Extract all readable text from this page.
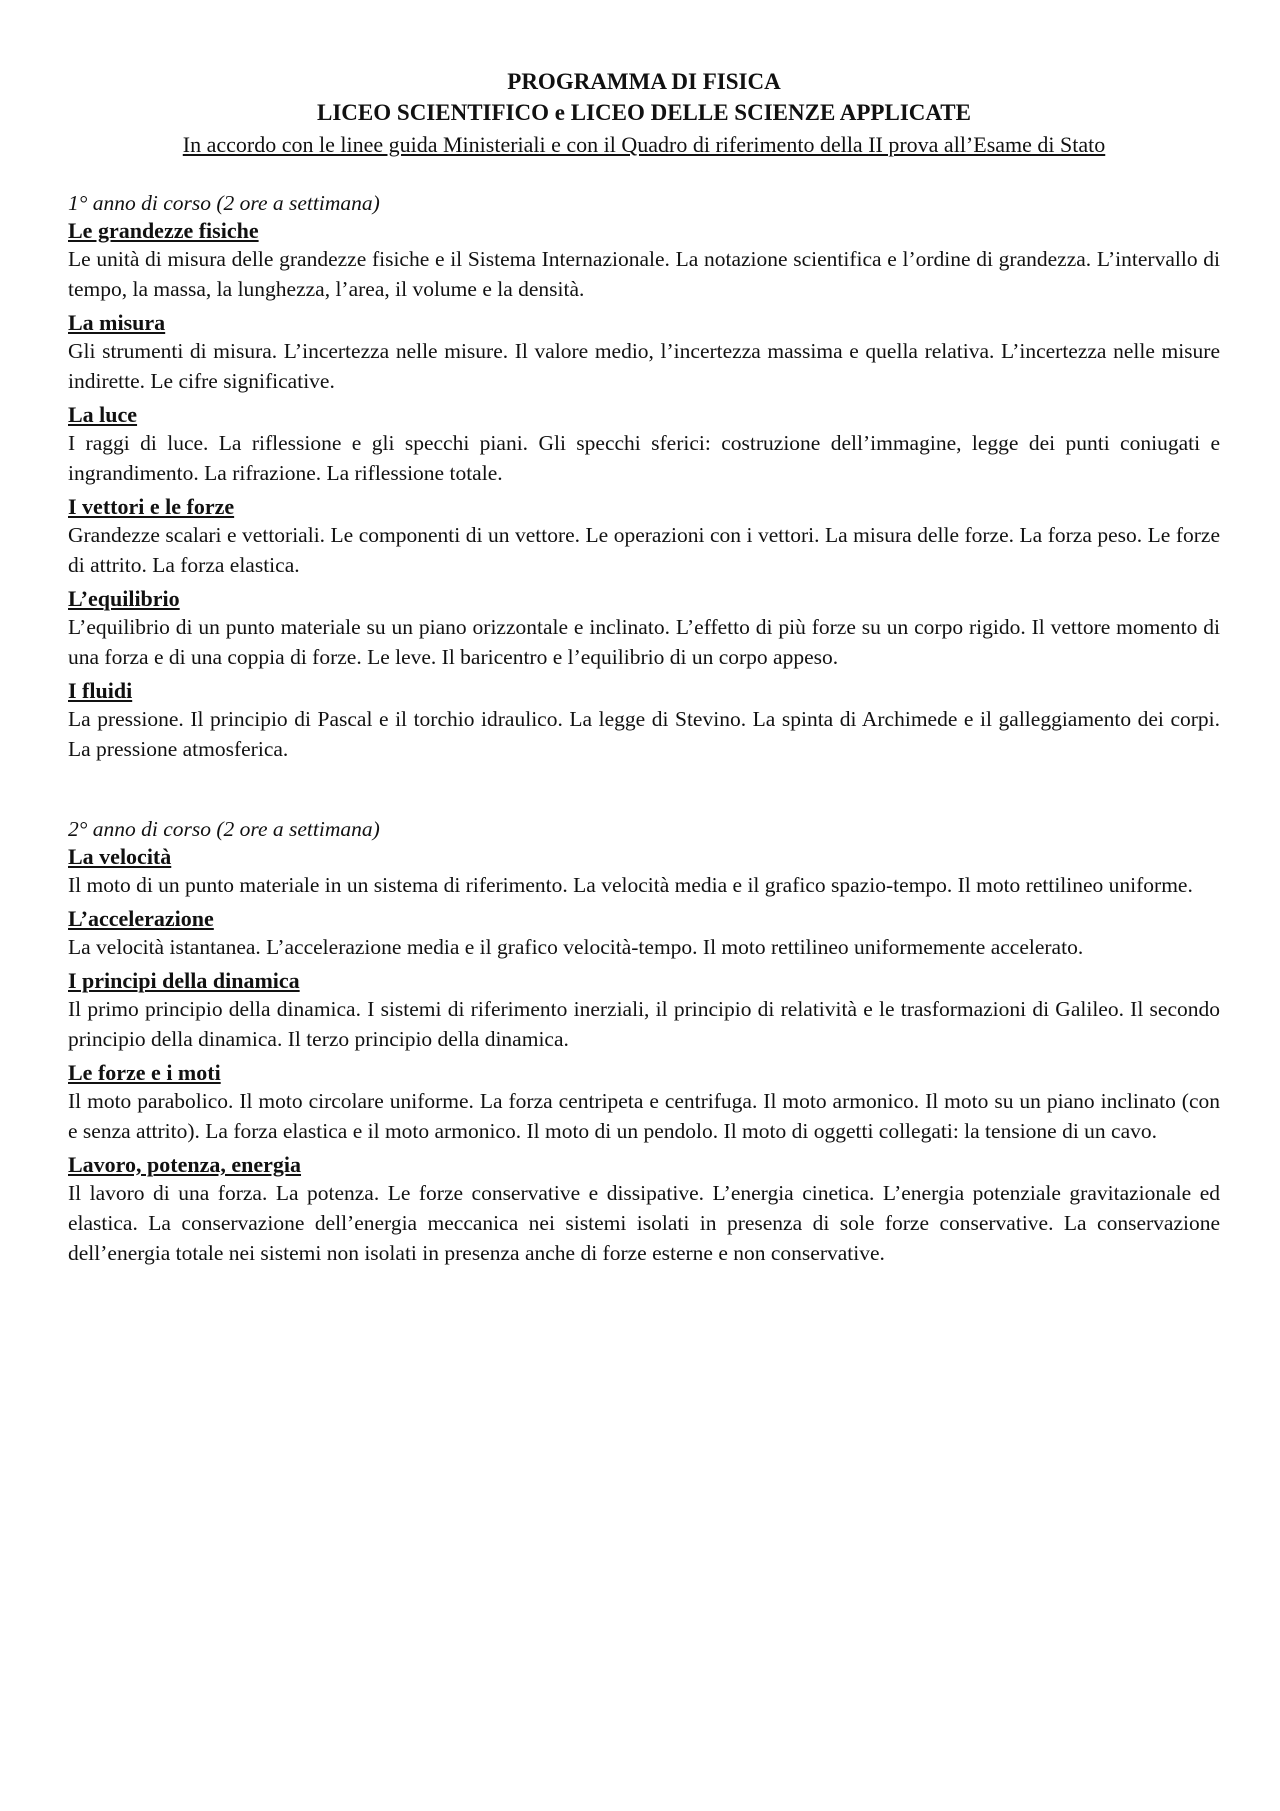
PROGRAMMA DI FISICA

LICEO SCIENTIFICO e LICEO DELLE SCIENZE APPLICATE

In accordo con le linee guida Ministeriali e con il Quadro di riferimento della II prova all’Esame di Stato

1° anno di corso (2 ore a settimana)

Le grandezze fisiche

Le unità di misura delle grandezze fisiche e il Sistema Internazionale. La notazione scientifica e l’ordine di grandezza. L’intervallo di tempo, la massa, la lunghezza, l’area, il volume e la densità.

La misura

Gli strumenti di misura. L’incertezza nelle misure. Il valore medio, l’incertezza massima e quella relativa. L’incertezza nelle misure indirette. Le cifre significative.

La luce

I raggi di luce. La riflessione e gli specchi piani. Gli specchi sferici: costruzione dell’immagine, legge dei punti coniugati e ingrandimento. La rifrazione. La riflessione totale.

I vettori e le forze

Grandezze scalari e vettoriali. Le componenti di un vettore. Le operazioni con i vettori. La misura delle forze. La forza peso. Le forze di attrito. La forza elastica.

L’equilibrio

L’equilibrio di un punto materiale su un piano orizzontale e inclinato. L’effetto di più forze su un corpo rigido. Il vettore momento di una forza e di una coppia di forze. Le leve. Il baricentro e l’equilibrio di un corpo appeso.

I fluidi

La pressione. Il principio di Pascal e il torchio idraulico. La legge di Stevino. La spinta di Archimede e il galleggiamento dei corpi. La pressione atmosferica.

2° anno di corso (2 ore a settimana)

La velocità

Il moto di un punto materiale in un sistema di riferimento. La velocità media e il grafico spazio-tempo. Il moto rettilineo uniforme.

L’accelerazione

La velocità istantanea. L’accelerazione media e il grafico velocità-tempo. Il moto rettilineo uniformemente accelerato.

I principi della dinamica

Il primo principio della dinamica. I sistemi di riferimento inerziali, il principio di relatività e le trasformazioni di Galileo. Il secondo principio della dinamica. Il terzo principio della dinamica.

Le forze e i moti

Il moto parabolico. Il moto circolare uniforme. La forza centripeta e centrifuga. Il moto armonico. Il moto su un piano inclinato (con e senza attrito). La forza elastica e il moto armonico. Il moto di un pendolo. Il moto di oggetti collegati: la tensione di un cavo.

Lavoro, potenza, energia

Il lavoro di una forza. La potenza. Le forze conservative e dissipative. L’energia cinetica. L’energia potenziale gravitazionale ed elastica. La conservazione dell’energia meccanica nei sistemi isolati in presenza di sole forze conservative. La conservazione dell’energia totale nei sistemi non isolati in presenza anche di forze esterne e non conservative.
